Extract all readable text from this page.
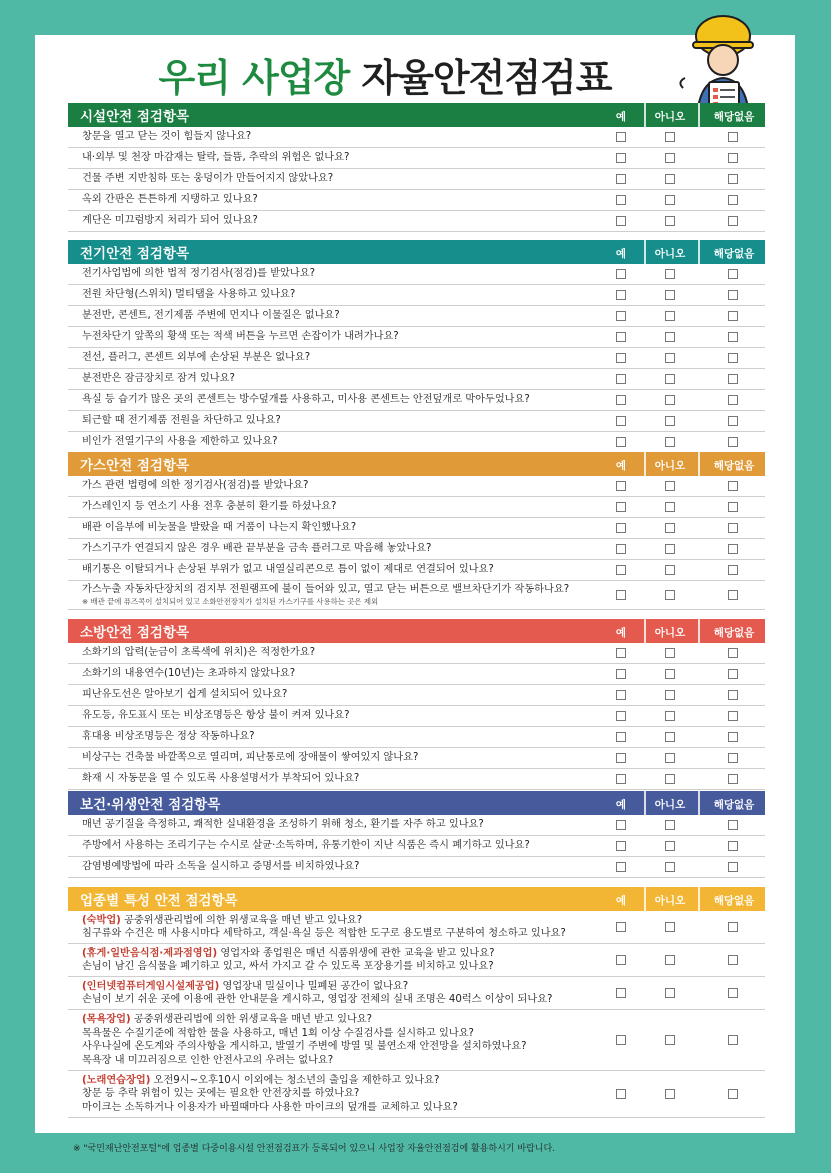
우리 사업장 자율안전점검표
시설안전 점검항목	예	아니오	해당없음
창문을 열고 닫는 것이 힘들지 않나요?
내·외부 및 천장 마감재는 탈락, 들뜸, 추락의 위험은 없나요?
건물 주변 지반침하 또는 웅덩이가 만들어지지 않았나요?
옥외 간판은 튼튼하게 지탱하고 있나요?
계단은 미끄럼방지 처리가 되어 있나요?
전기안전 점검항목	예	아니오	해당없음
전기사업법에 의한 법적 정기검사(점검)를 받았나요?
전원 차단형(스위치) 멀티탭을 사용하고 있나요?
분전반, 콘센트, 전기제품 주변에 먼지나 이물질은 없나요?
누전차단기 앞쪽의 황색 또는 적색 버튼을 누르면 손잡이가 내려가나요?
전선, 플러그, 콘센트 외부에 손상된 부분은 없나요?
분전반은 잠금장치로 잠겨 있나요?
욕실 등 습기가 많은 곳의 콘센트는 방수덮개를 사용하고, 미사용 콘센트는 안전덮개로 막아두었나요?
퇴근할 때 전기제품 전원을 차단하고 있나요?
비인가 전열기구의 사용을 제한하고 있나요?
가스안전 점검항목	예	아니오	해당없음
가스 관련 법령에 의한 정기검사(점검)를 받았나요?
가스레인지 등 연소기 사용 전후 충분히 환기를 하셨나요?
배관 이음부에 비눗물을 발랐을 때 거품이 나는지 확인했나요?
가스기구가 연결되지 않은 경우 배관 끝부분을 금속 플러그로 막음해 놓았나요?
배기통은 이탈되거나 손상된 부위가 없고 내열실리콘으로 틈이 없이 제대로 연결되어 있나요?
가스누출 자동차단장치의 검지부 전원램프에 불이 들어와 있고, 열고 닫는 버튼으로 밸브차단기가 작동하나요?
※ 배관 끝에 퓨즈콕이 설치되어 있고 소화안전장치가 설치된 가스기구를 사용하는 곳은 제외
소방안전 점검항목	예	아니오	해당없음
소화기의 압력(눈금이 초록색에 위치)은 적정한가요?
소화기의 내용연수(10년)는 초과하지 않았나요?
피난유도선은 알아보기 쉽게 설치되어 있나요?
유도등, 유도표시 또는 비상조명등은 항상 불이 켜져 있나요?
휴대용 비상조명등은 정상 작동하나요?
비상구는 건축물 바깥쪽으로 열리며, 피난통로에 장애물이 쌓여있지 않나요?
화재 시 자동문을 열 수 있도록 사용설명서가 부착되어 있나요?
보건·위생안전 점검항목	예	아니오	해당없음
매년 공기질을 측정하고, 쾌적한 실내환경을 조성하기 위해 청소, 환기를 자주 하고 있나요?
주방에서 사용하는 조리기구는 수시로 살균·소독하며, 유통기한이 지난 식품은 즉시 폐기하고 있나요?
감염병예방법에 따라 소독을 실시하고 증명서를 비치하였나요?
업종별 특성 안전 점검항목	예	아니오	해당없음
(숙박업) 공중위생관리법에 의한 위생교육을 매년 받고 있나요?
침구류와 수건은 매 사용시마다 세탁하고, 객실·욕실 등은 적합한 도구로 용도별로 구분하여 청소하고 있나요?
(휴게·일반음식점·제과점영업) 영업자와 종업원은 매년 식품위생에 관한 교육을 받고 있나요?
손님이 남긴 음식물을 폐기하고 있고, 싸서 가지고 갈 수 있도록 포장용기를 비치하고 있나요?
(인터넷컴퓨터게임시설제공업) 영업장내 밀실이나 밀폐된 공간이 없나요?
손님이 보기 쉬운 곳에 이용에 관한 안내문을 게시하고, 영업장 전체의 실내 조명은 40럭스 이상이 되나요?
(목욕장업) 공중위생관리법에 의한 위생교육을 매년 받고 있나요?
목욕물은 수질기준에 적합한 물을 사용하고, 매년 1회 이상 수질검사를 실시하고 있나요?
사우나실에 온도계와 주의사항을 게시하고, 발열기 주변에 방열 및 불연소재 안전망을 설치하였나요?
목욕장 내 미끄러짐으로 인한 안전사고의 우려는 없나요?
(노래연습장업) 오전9시~오후10시 이외에는 청소년의 출입을 제한하고 있나요?
창문 등 추락 위험이 있는 곳에는 필요한 안전장치를 하였나요?
마이크는 소독하거나 이용자가 바뀔때마다 사용한 마이크의 덮개를 교체하고 있나요?
※ "국민재난안전포털"에 업종별 다중이용시설 안전점검표가 등록되어 있으니 사업장 자율안전점검에 활용하시기 바랍니다.
